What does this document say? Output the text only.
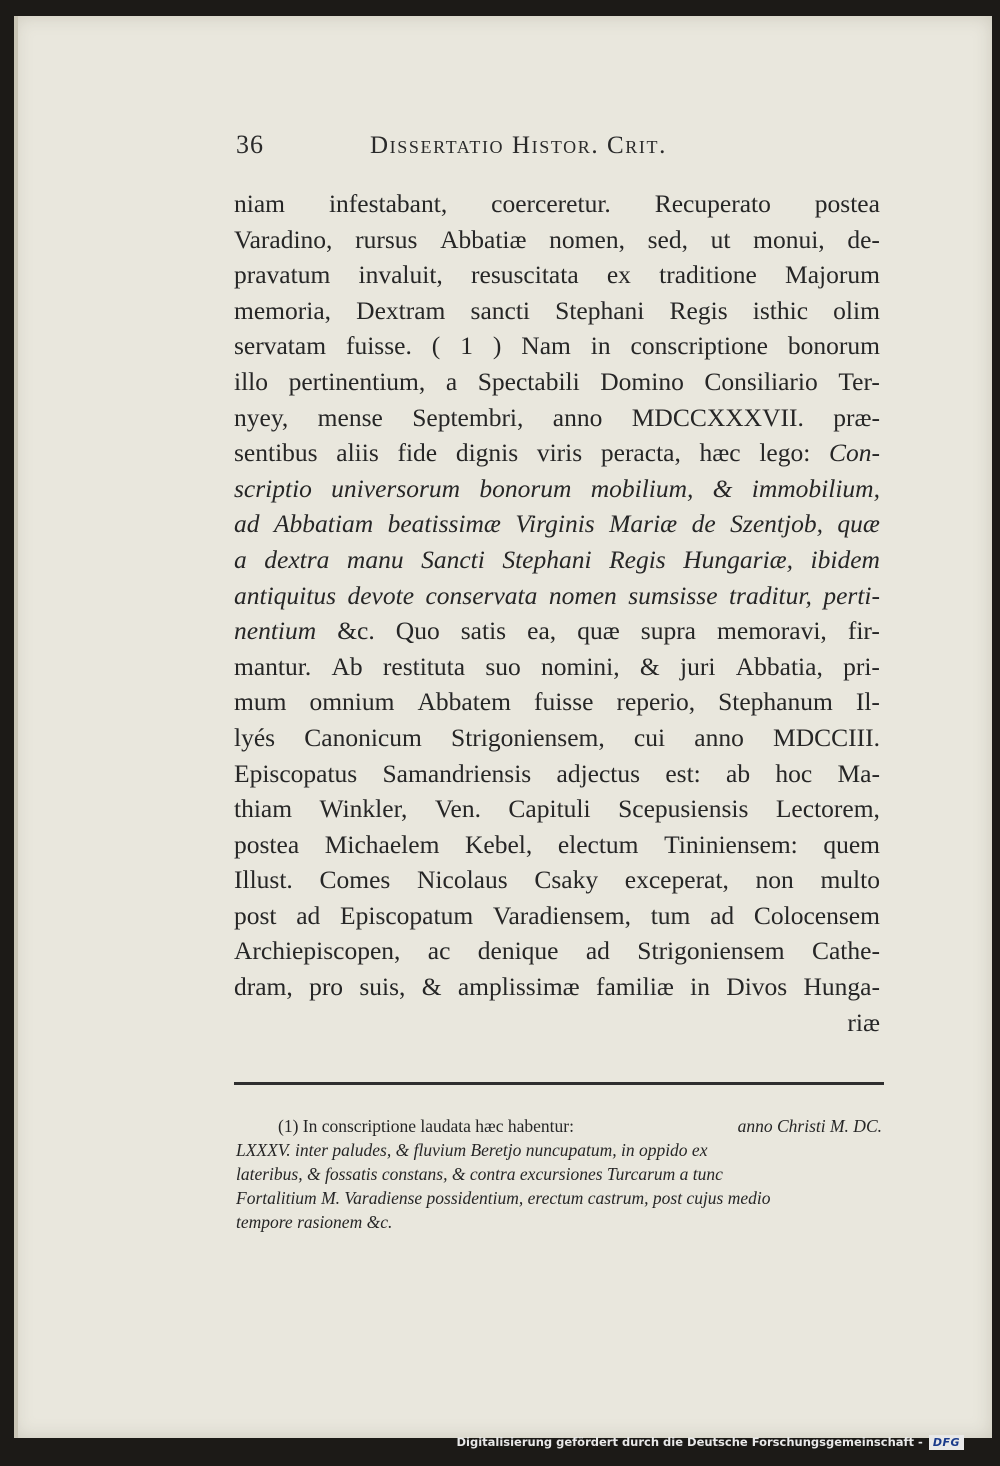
36	Dissertatio Histor. Crit.
niam infestabant, coerceretur. Recuperato postea
Varadino, rursus Abbatiæ nomen, sed, ut monui, de-
pravatum invaluit, resuscitata ex traditione Majorum
memoria, Dextram sancti Stephani Regis isthic olim
servatam fuisse. ( 1 ) Nam in conscriptione bonorum
illo pertinentium, a Spectabili Domino Consiliario Ter-
nyey, mense Septembri, anno MDCCXXXVII. præ-
sentibus aliis fide dignis viris peracta, hæc lego: Con-
scriptio universorum bonorum mobilium, & immobilium,
ad Abbatiam beatissimæ Virginis Mariæ de Szentjob, quæ
a dextra manu Sancti Stephani Regis Hungariæ, ibidem
antiquitus devote conservata nomen sumsisse traditur, perti-
nentium &c. Quo satis ea, quæ supra memoravi, fir-
mantur. Ab restituta suo nomini, & juri Abbatia, pri-
mum omnium Abbatem fuisse reperio, Stephanum Il-
lyés Canonicum Strigoniensem, cui anno MDCCIII.
Episcopatus Samandriensis adjectus est: ab hoc Ma-
thiam Winkler, Ven. Capituli Scepusiensis Lectorem,
postea Michaelem Kebel, electum Tininiensem: quem
Illust. Comes Nicolaus Csaky exceperat, non multo
post ad Episcopatum Varadiensem, tum ad Colocensem
Archiepiscopen, ac denique ad Strigoniensem Cathe-
dram, pro suis, & amplissimæ familiæ in Divos Hunga-
riæ
(1) In conscriptione laudata hæc habentur:	anno Christi M. DC.
LXXXV. inter paludes, & fluvium Beretjo nuncupatum, in oppido ex
lateribus, & fossatis constans, & contra excursiones Turcarum a tunc
Fortalitium M. Varadiense possidentium, erectum castrum, post cujus medio
tempore rasionem &c.
Digitalisierung gefördert durch die Deutsche Forschungsgemeinschaft - DFG
